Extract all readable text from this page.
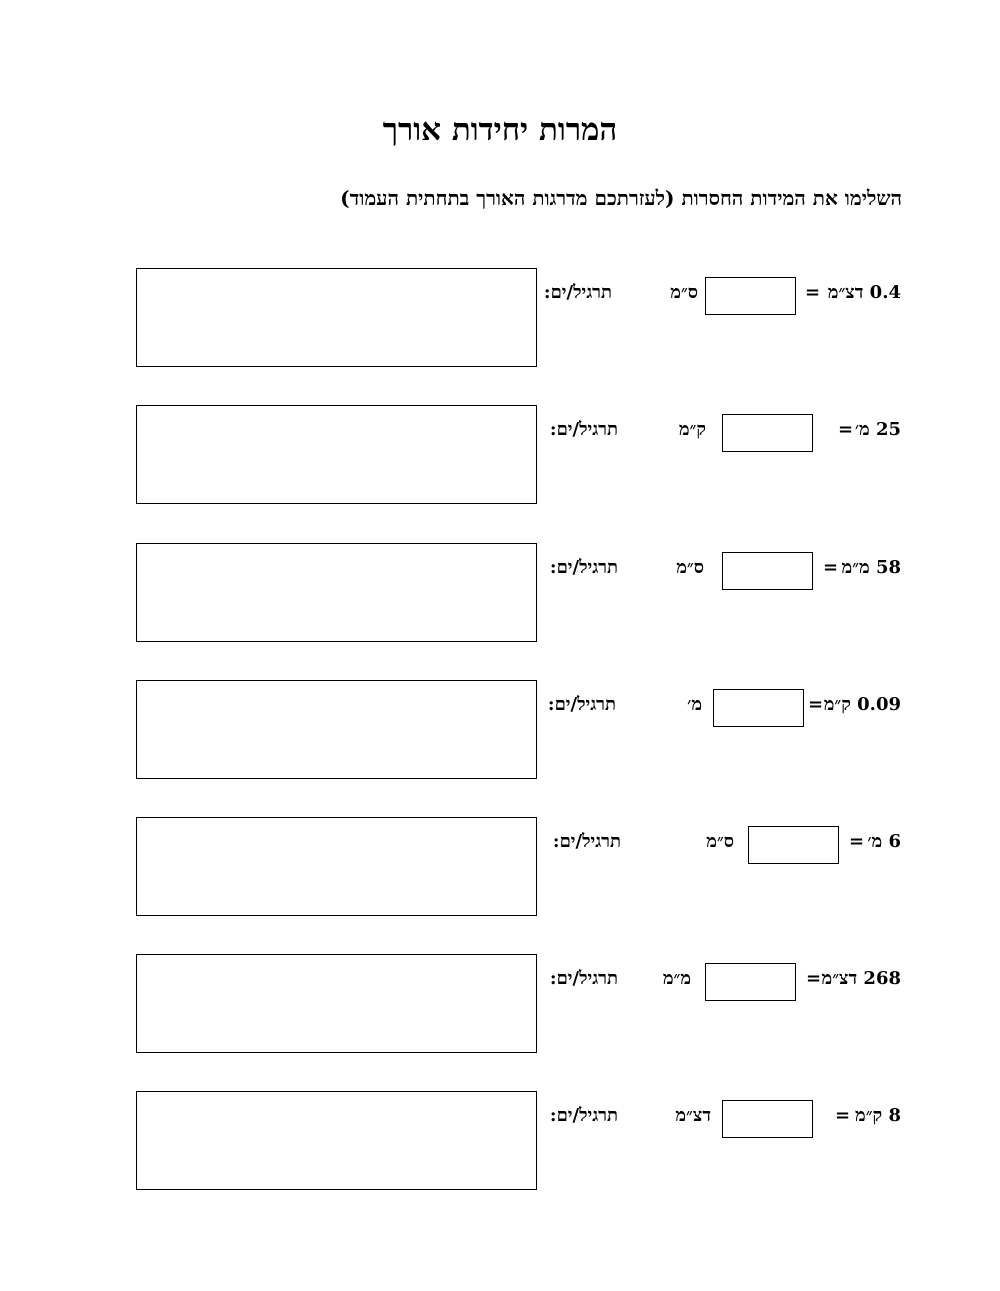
המרות יחידות אורך
השלימו את המידות החסרות (לעזרתכם מדרגות האורך בתחתית העמוד)
תרגיל/ים:	ס״מ	= 0.4 דצ״מ
תרגיל/ים:	ק״מ	= 25 מ׳
תרגיל/ים:	ס״מ	= 58 מ״מ
תרגיל/ים:	מ׳	= 0.09 ק״מ
תרגיל/ים:	ס״מ	= 6 מ׳
תרגיל/ים: מ״מ	= 268 דצ״מ
תרגיל/ים:	דצ״מ	= 8 ק״מ
